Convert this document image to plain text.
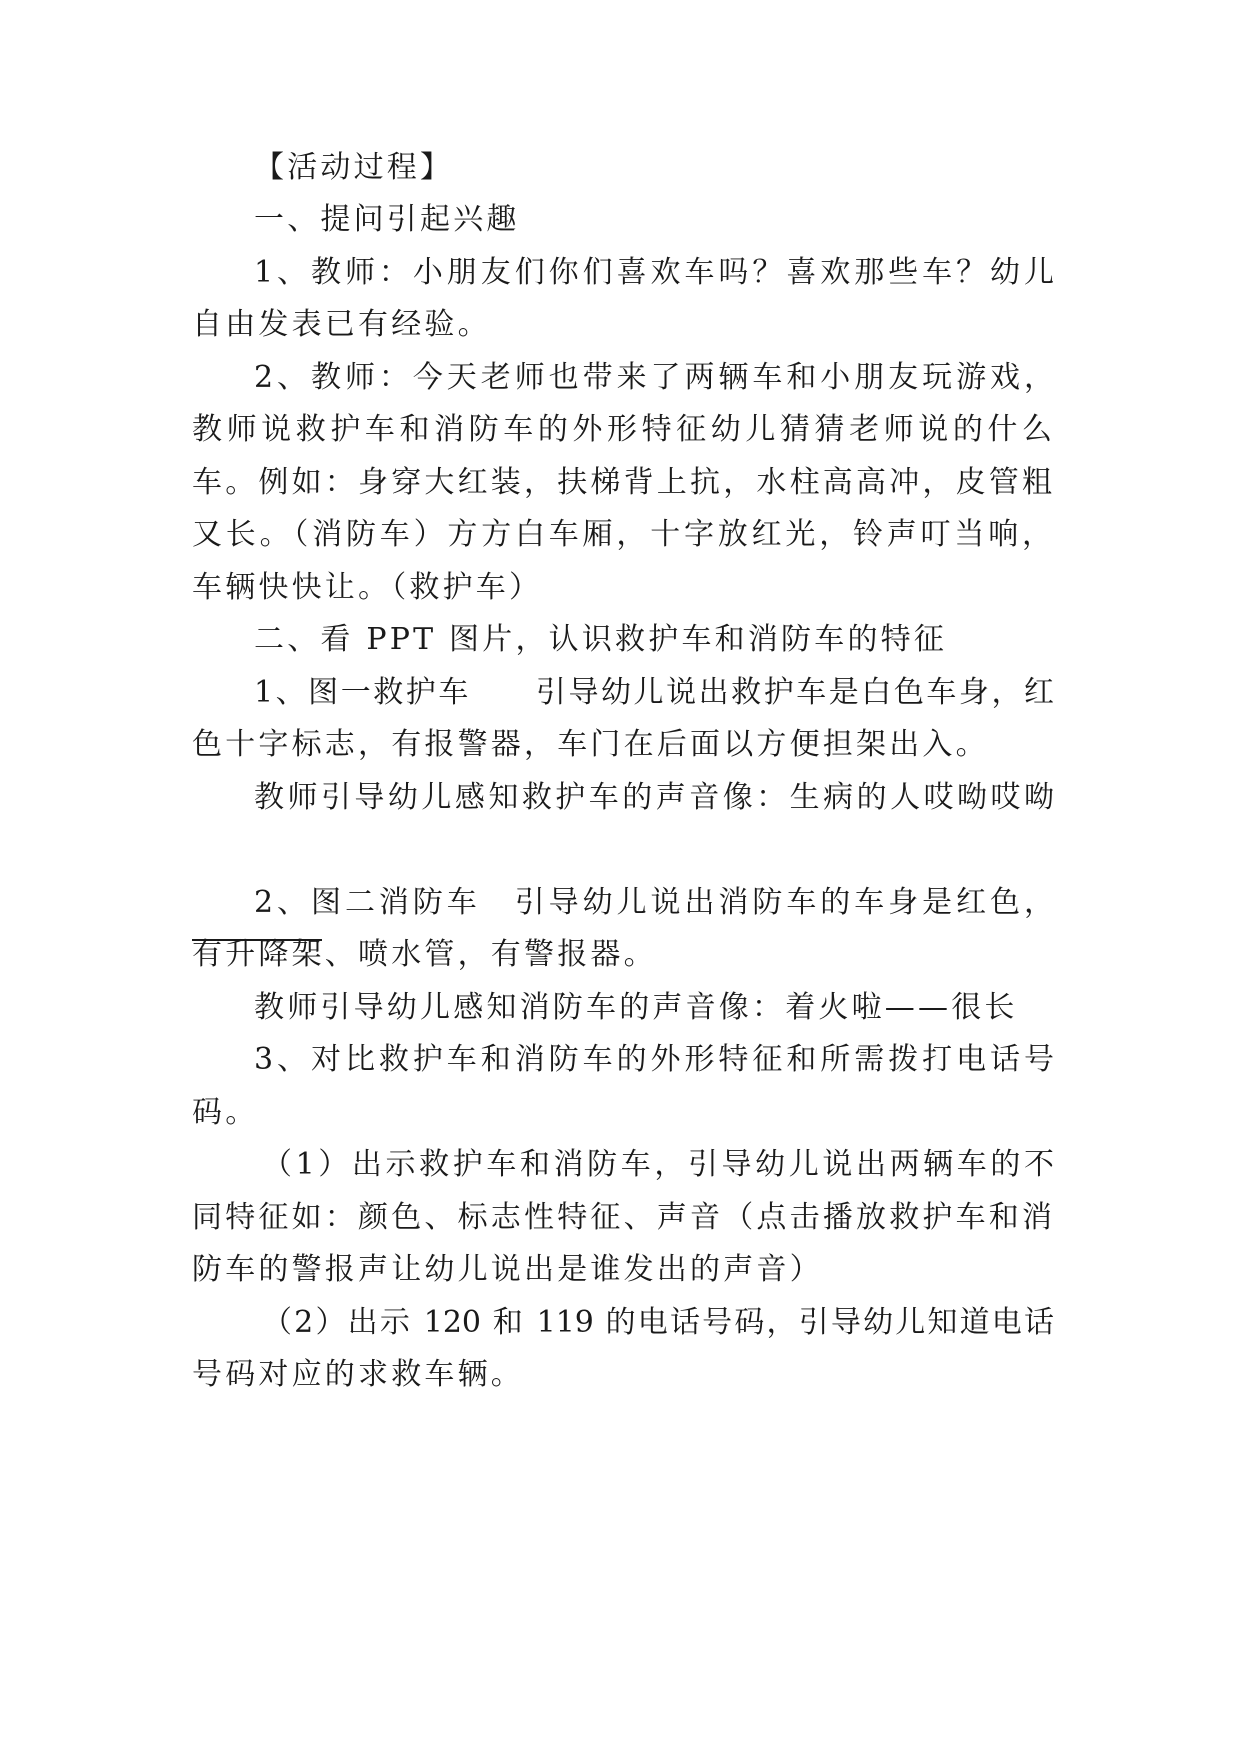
【活动过程】
一、提问引起兴趣
1、教师：小朋友们你们喜欢车吗？喜欢那些车？幼儿
自由发表已有经验。
2、教师：今天老师也带来了两辆车和小朋友玩游戏，
教师说救护车和消防车的外形特征幼儿猜猜老师说的什么
车。例如：身穿大红装，扶梯背上抗，水柱高高冲，皮管粗
又长。（消防车）方方白车厢，十字放红光，铃声叮当响，
车辆快快让。（救护车）
二、看 PPT 图片，认识救护车和消防车的特征
1、图一救护车　　引导幼儿说出救护车是白色车身，红
色十字标志，有报警器，车门在后面以方便担架出入。
教师引导幼儿感知救护车的声音像：生病的人哎呦哎呦
2、图二消防车　引导幼儿说出消防车的车身是红色，
有升降架、喷水管，有警报器。
教师引导幼儿感知消防车的声音像：着火啦——很长
3、对比救护车和消防车的外形特征和所需拨打电话号
码。
（1）出示救护车和消防车，引导幼儿说出两辆车的不
同特征如：颜色、标志性特征、声音（点击播放救护车和消
防车的警报声让幼儿说出是谁发出的声音）
（2）出示 120 和 119 的电话号码，引导幼儿知道电话
号码对应的求救车辆。
